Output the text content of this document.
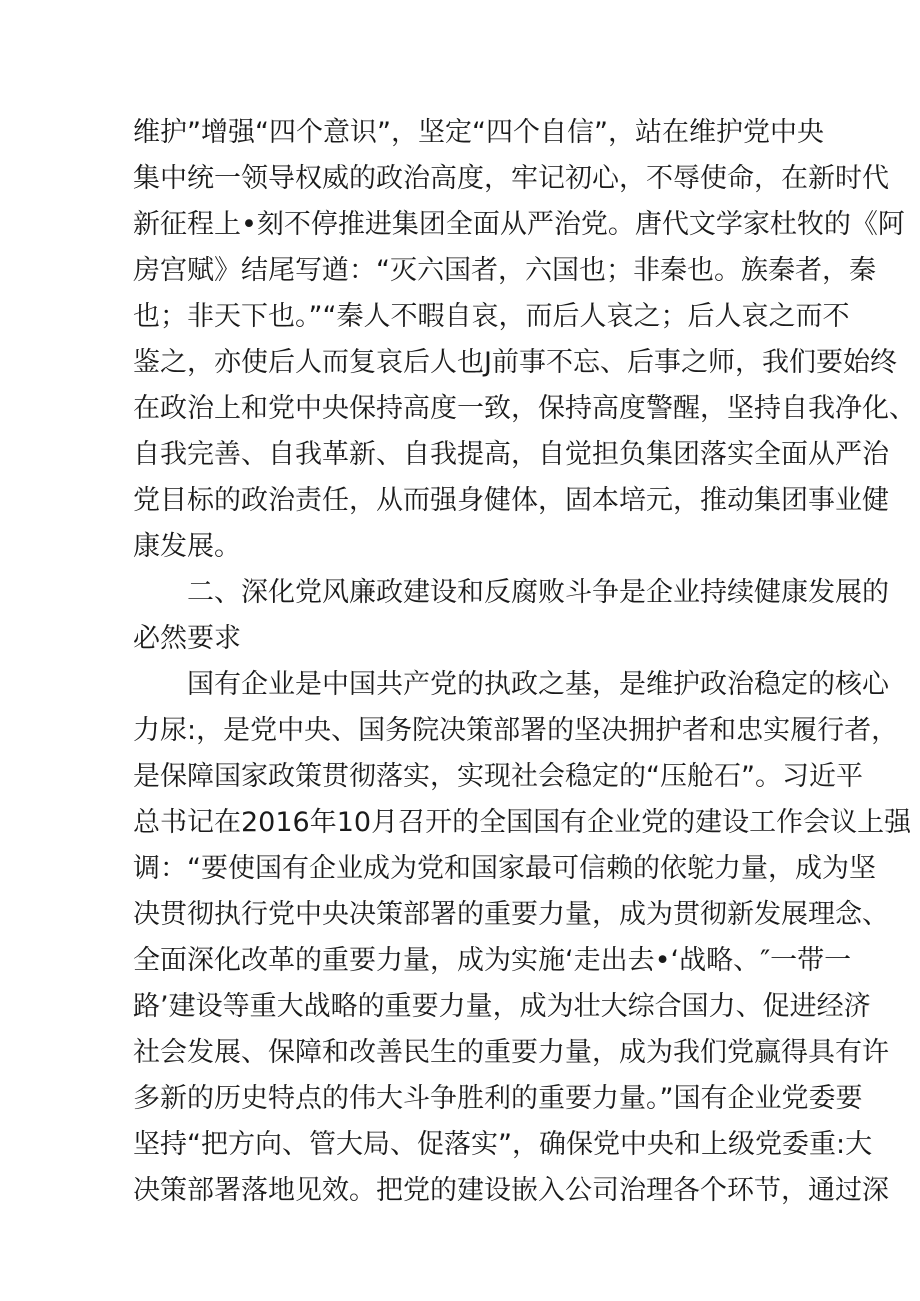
维护”增强“四个意识”，坚定“四个自信”，站在维护党中央
集中统一领导权威的政治高度，牢记初心，不辱使命，在新时代
新征程上•刻不停推进集团全面从严治党。唐代文学家杜牧的《阿
房宫赋》结尾写遒：“灭六国者，六国也；非秦也。族秦者，秦
也；非天下也。”“秦人不暇自哀，而后人哀之；后人哀之而不
鉴之，亦使后人而复哀后人也J前事不忘、后事之师，我们要始终
在政治上和党中央保持高度一致，保持高度警醒，坚持自我净化、
自我完善、自我革新、自我提高，自觉担负集团落实全面从严治
党目标的政治责任，从而强身健体，固本培元，推动集团事业健
康发展。
二、深化党风廉政建设和反腐败斗争是企业持续健康发展的
必然要求
国有企业是中国共产党的执政之基，是维护政治稳定的核心
力尿:，是党中央、国务院决策部署的坚决拥护者和忠实履行者，
是保障国家政策贯彻落实，实现社会稳定的“压舱石”。习近平
总书记在2016年10月召开的全国国有企业党的建设工作会议上强
调：“要使国有企业成为党和国家最可信赖的依鸵力量，成为坚
决贯彻执行党中央决策部署的重要力量，成为贯彻新发展理念、
全面深化改革的重要力量，成为实施‘走出去•‘战略、″一带一
路’建设等重大战略的重要力量，成为壮大综合国力、促进经济
社会发展、保障和改善民生的重要力量，成为我们党赢得具有许
多新的历史特点的伟大斗争胜利的重要力量。”国有企业党委要
坚持“把方向、管大局、促落实”，确保党中央和上级党委重:大
决策部署落地见效。把党的建设嵌入公司治理各个环节，通过深
